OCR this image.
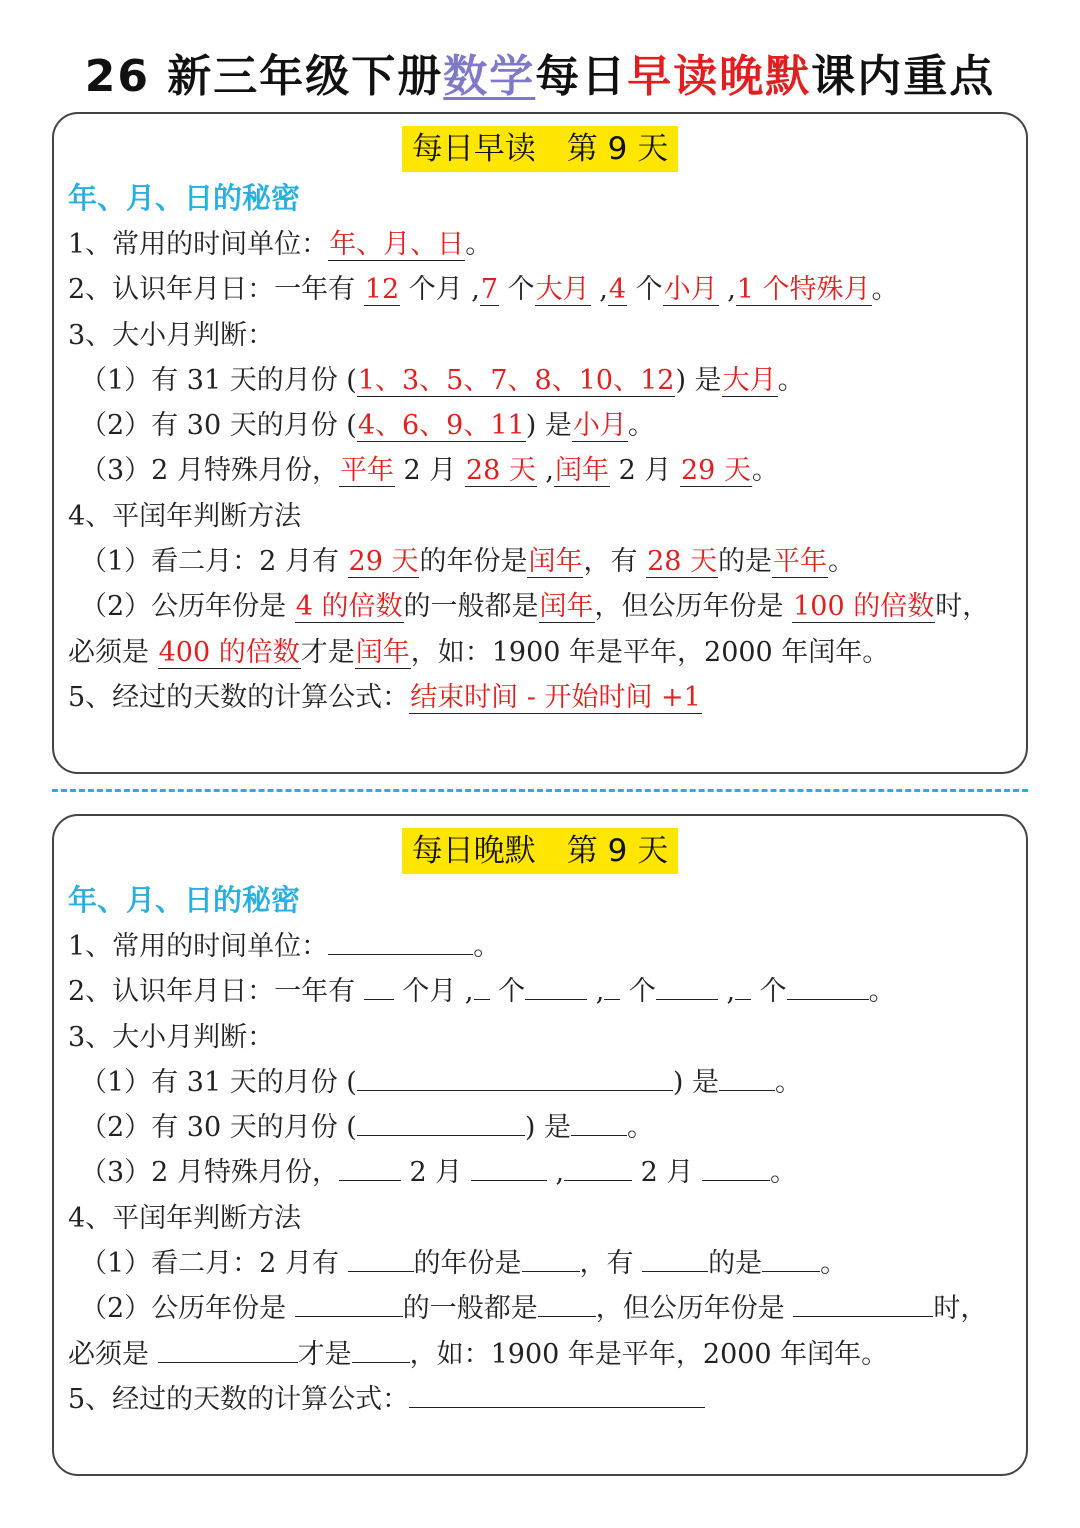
26 新三年级下册数学每日早读晚默课内重点
每日早读　第 9 天
年、月、日的秘密
1、常用的时间单位：年、月、日。
2、认识年月日：一年有 12 个月 ,7 个大月 ,4 个小月 ,1 个特殊月。
3、大小月判断：
（1）有 31 天的月份 (1、3、5、7、8、10、12) 是大月。
（2）有 30 天的月份 (4、6、9、11) 是小月。
（3）2 月特殊月份，平年 2 月 28 天 ,闰年 2 月 29 天。
4、平闰年判断方法
（1）看二月：2 月有 29 天的年份是闰年，有 28 天的是平年。
（2）公历年份是 4 的倍数的一般都是闰年，但公历年份是 100 的倍数时，
必须是 400 的倍数才是闰年，如：1900 年是平年，2000 年闰年。
5、经过的天数的计算公式：结束时间 - 开始时间 +1
每日晚默　第 9 天
年、月、日的秘密
1、常用的时间单位：	。
2、认识年月日：一年有  个月 , 个 , 个 , 个	。
3、大小月判断：
（1）有 31 天的月份 (	) 是 。
（2）有 30 天的月份 (	) 是 。
（3）2 月特殊月份， 2 月	,	2 月	。
4、平闰年判断方法
（1）看二月：2 月有 的年份是 ，有 的是 。
（2）公历年份是	的一般都是 ，但公历年份是	时，
必须是	才是 ，如：1900 年是平年，2000 年闰年。
5、经过的天数的计算公式：
